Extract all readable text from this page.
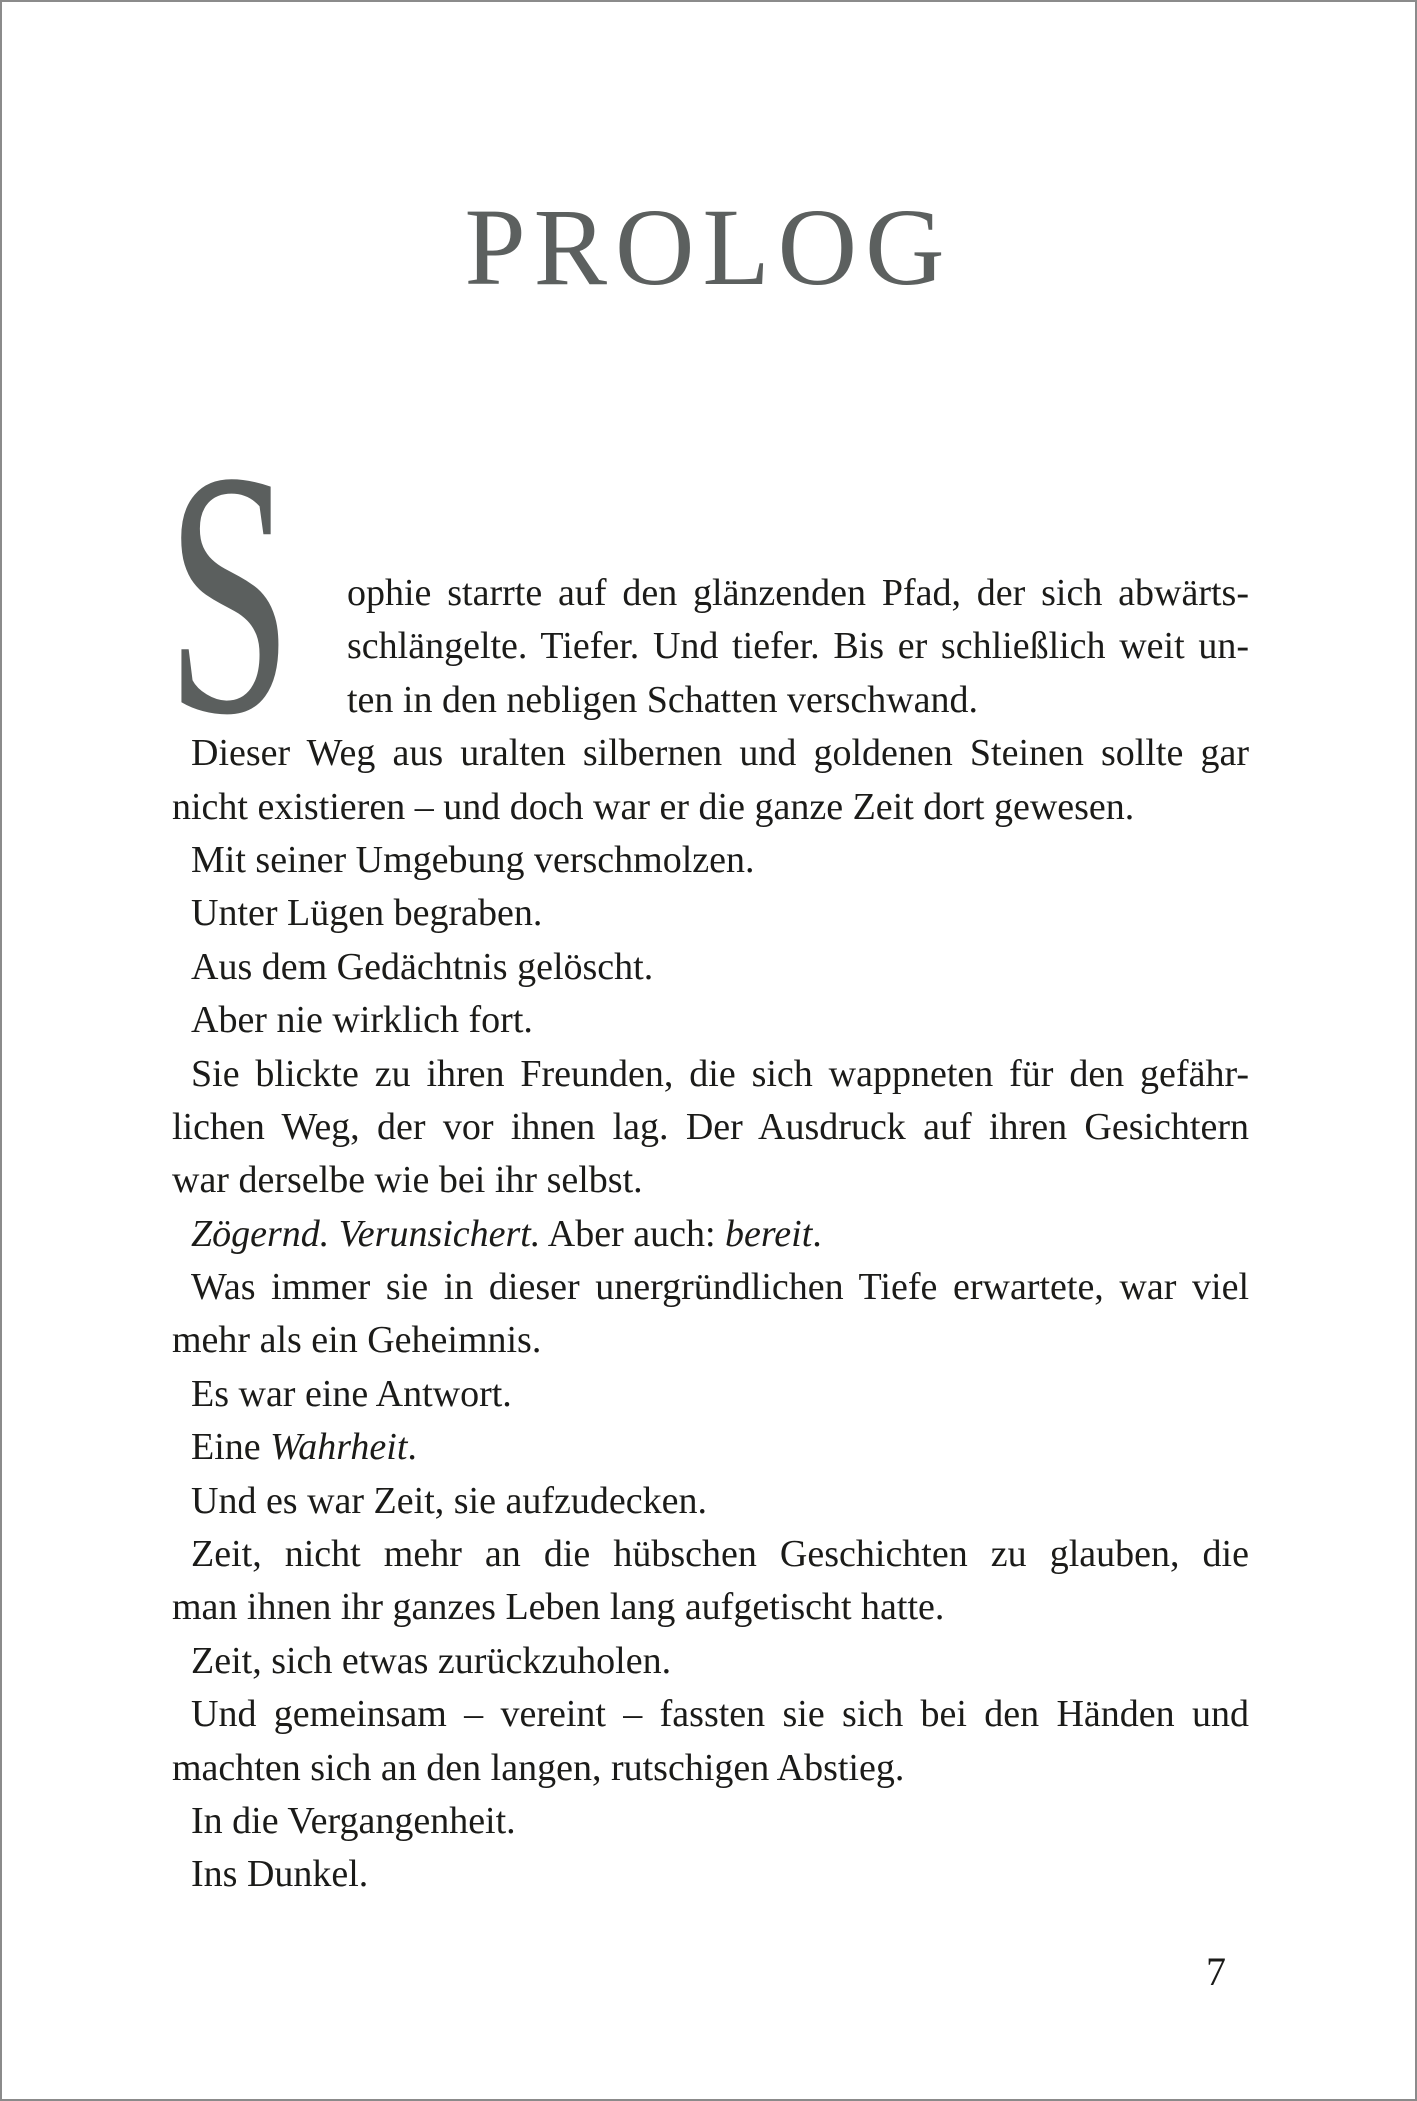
PROLOG
S ophie starrte auf den glänzenden Pfad, der sich abwärts-
schlängelte. Tiefer. Und tiefer. Bis er schließlich weit un-
ten in den nebligen Schatten verschwand.
Dieser Weg aus uralten silbernen und goldenen Steinen sollte gar
nicht existieren – und doch war er die ganze Zeit dort gewesen.
Mit seiner Umgebung verschmolzen.
Unter Lügen begraben.
Aus dem Gedächtnis gelöscht.
Aber nie wirklich fort.
Sie blickte zu ihren Freunden, die sich wappneten für den gefähr-
lichen Weg, der vor ihnen lag. Der Ausdruck auf ihren Gesichtern
war derselbe wie bei ihr selbst.
Zögernd. Verunsichert. Aber auch: bereit.
Was immer sie in dieser unergründlichen Tiefe erwartete, war viel
mehr als ein Geheimnis.
Es war eine Antwort.
Eine Wahrheit.
Und es war Zeit, sie aufzudecken.
Zeit, nicht mehr an die hübschen Geschichten zu glauben, die
man ihnen ihr ganzes Leben lang aufgetischt hatte.
Zeit, sich etwas zurückzuholen.
Und gemeinsam – vereint – fassten sie sich bei den Händen und
machten sich an den langen, rutschigen Abstieg.
In die Vergangenheit.
Ins Dunkel.
7
